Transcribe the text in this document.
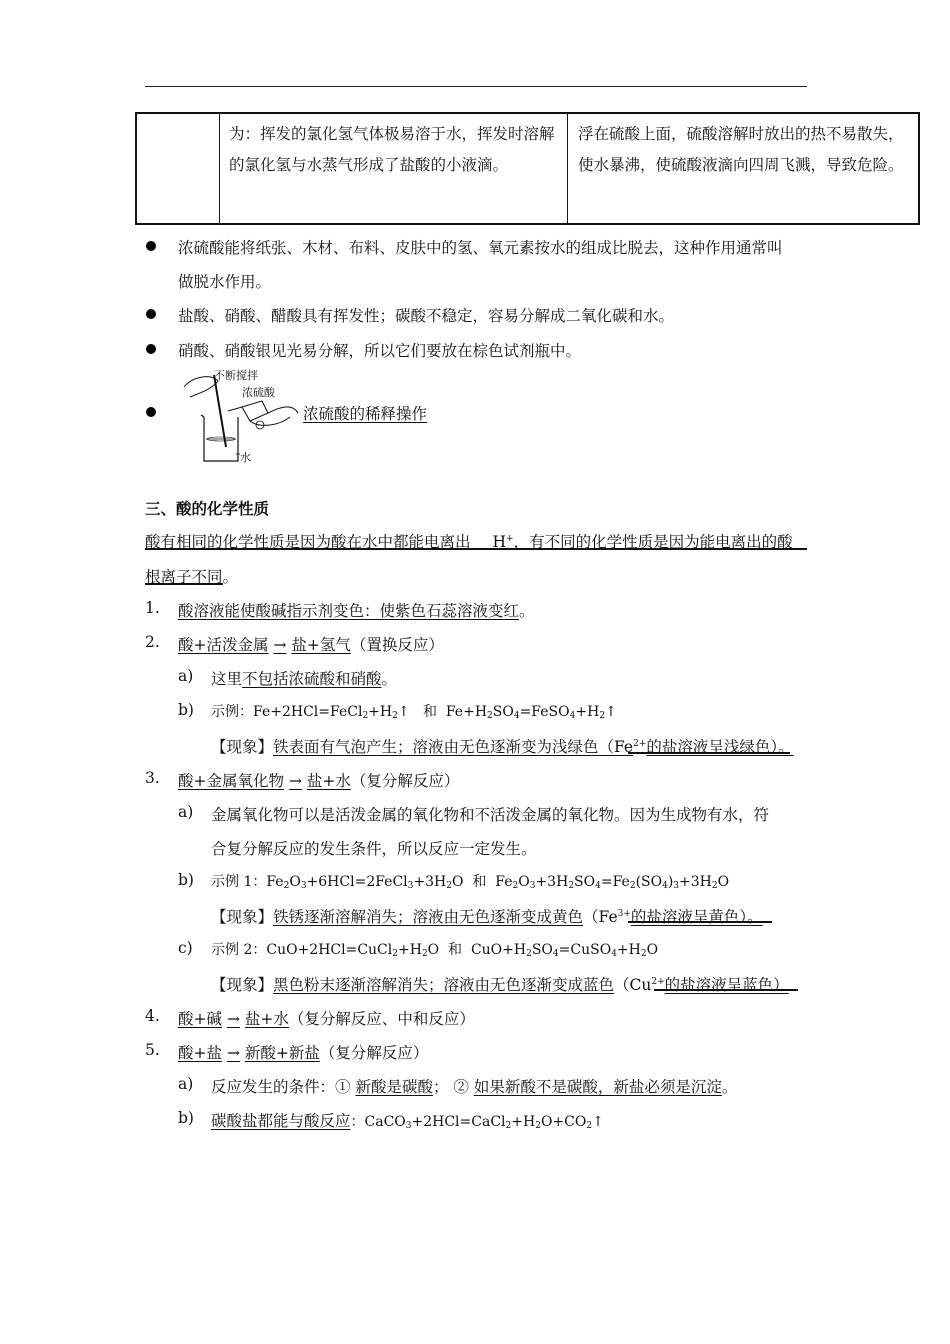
为：挥发的氯化氢气体极易溶于水，挥发时溶解的氯化氢与水蒸气形成了盐酸的小液滴。
浮在硫酸上面，硫酸溶解时放出的热不易散失，使水暴沸，使硫酸液滴向四周飞溅，导致危险。
浓硫酸能将纸张、木材、布料、皮肤中的氢、氧元素按水的组成比脱去，这种作用通常叫
做脱水作用。
盐酸、硝酸、醋酸具有挥发性；碳酸不稳定，容易分解成二氧化碳和水。
硝酸、硝酸银见光易分解，所以它们要放在棕色试剂瓶中。
不断搅拌
浓硫酸
水
浓硫酸的稀释操作
三、酸的化学性质
酸有相同的化学性质是因为酸在水中都能电离出 H+，有不同的化学性质是因为能电离出的酸
根离子不同。
1. 酸溶液能使酸碱指示剂变色：使紫色石蕊溶液变红。
2. 酸+活泼金属 → 盐+氢气（置换反应）
a) 这里不包括浓硫酸和硝酸。
b) 示例：$Fe+2HCl=FeCl_2+H_2↑$   和  $Fe+H_2SO_4=FeSO_4+H_2↑$
【现象】铁表面有气泡产生；溶液由无色逐渐变为浅绿色（$Fe^{2+}$的盐溶液呈浅绿色）。
3. 酸+金属氧化物 → 盐+水（复分解反应）
a) 金属氧化物可以是活泼金属的氧化物和不活泼金属的氧化物。因为生成物有水，符
合复分解反应的发生条件，所以反应一定发生。
b) 示例 1：$Fe_2O_3+6HCl=2FeCl_3+3H_2O$  和  $Fe_2O_3+3H_2SO_4=Fe_2(SO_4)_3+3H_2O$
【现象】铁锈逐渐溶解消失；溶液由无色逐渐变成黄色（$Fe^{3+}$的盐溶液呈黄色）。
c) 示例 2：$CuO+2HCl=CuCl_2+H_2O$  和  $CuO+H_2SO_4=CuSO_4+H_2O$
【现象】黑色粉末逐渐溶解消失；溶液由无色逐渐变成蓝色（$Cu^{2+}$的盐溶液呈蓝色）
4. 酸+碱 → 盐+水（复分解反应、中和反应）
5. 酸+盐 → 新酸+新盐（复分解反应）
a) 反应发生的条件：① 新酸是碳酸； ② 如果新酸不是碳酸，新盐必须是沉淀。
b) 碳酸盐都能与酸反应：$CaCO_3+2HCl=CaCl_2+H_2O+CO_2↑$
